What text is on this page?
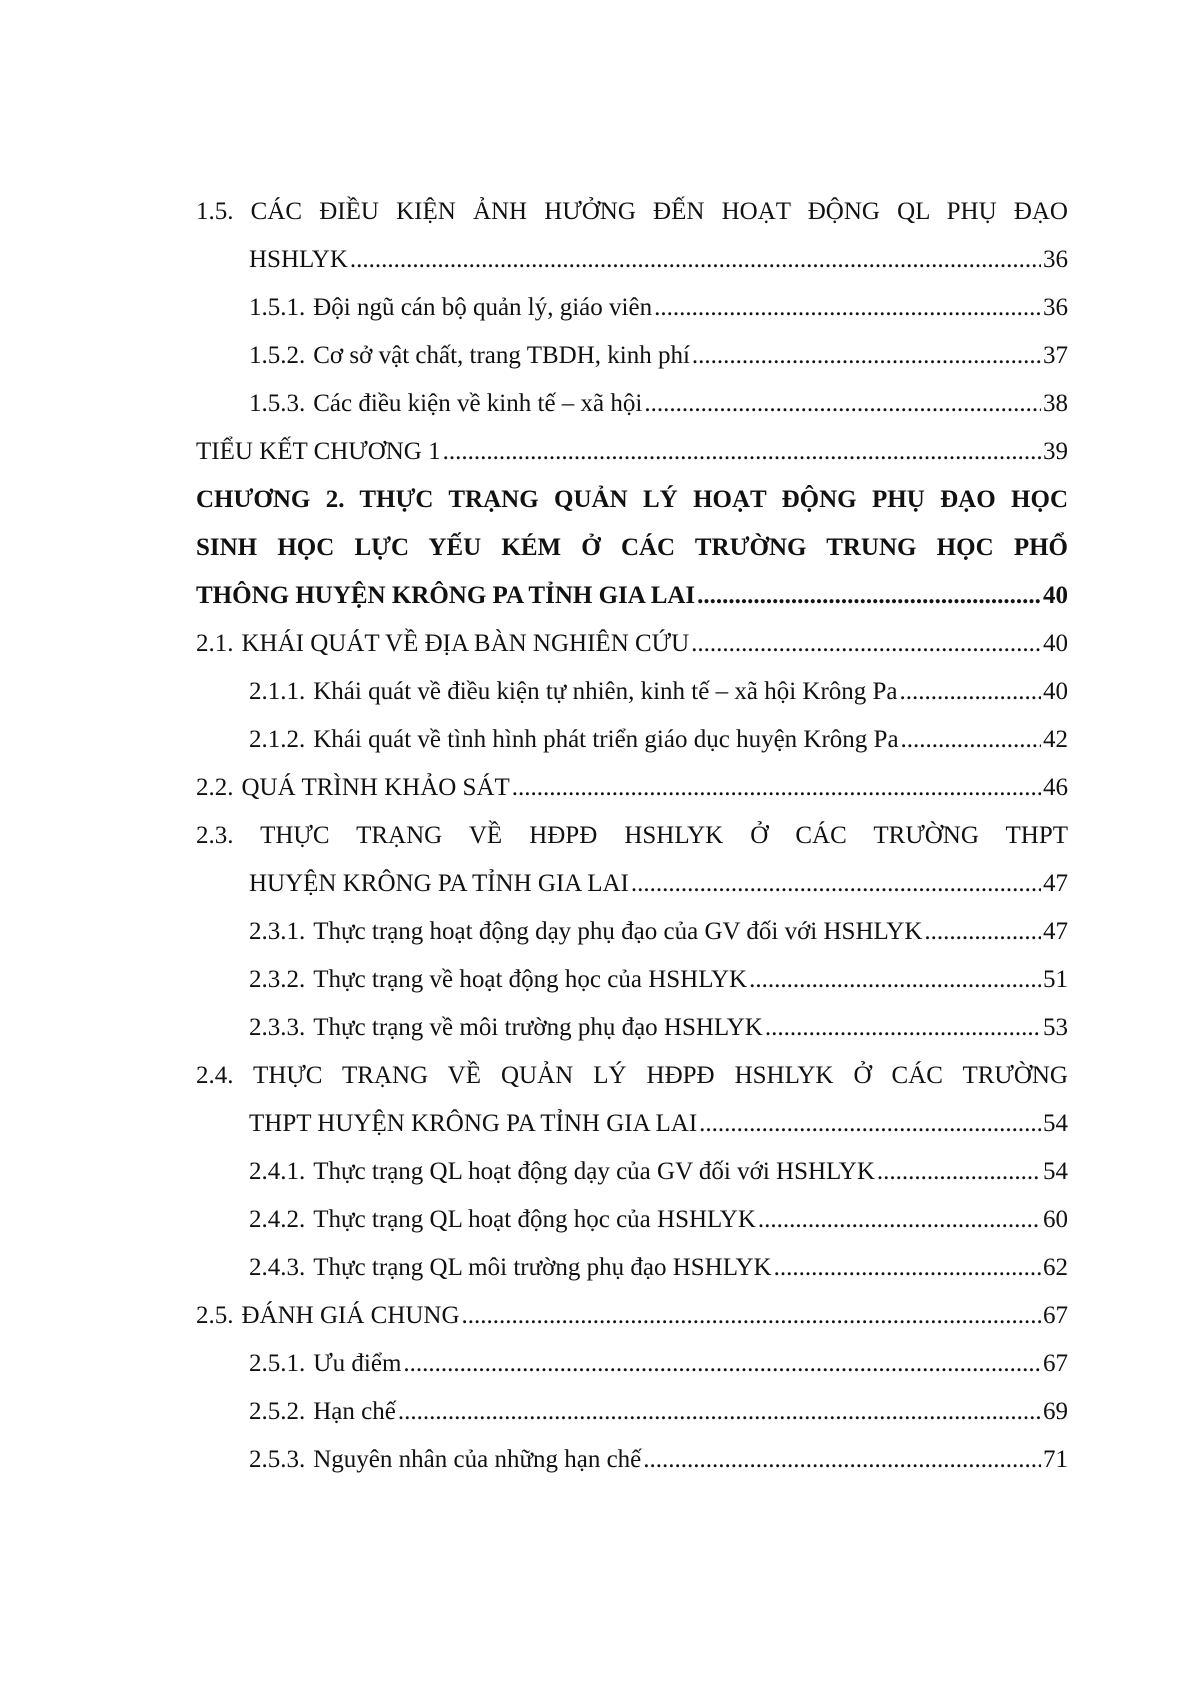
1.5. CÁC ĐIỀU KIỆN ẢNH HƯỞNG ĐẾN HOẠT ĐỘNG QL PHỤ ĐẠO
HSHLYK .....	36
1.5.1. Đội ngũ cán bộ quản lý, giáo viên .....	36
1.5.2. Cơ sở vật chất, trang TBDH, kinh phí .....	37
1.5.3. Các điều kiện về kinh tế – xã hội .....	38
TIỂU KẾT CHƯƠNG 1 .....	39
CHƯƠNG 2. THỰC TRẠNG QUẢN LÝ HOẠT ĐỘNG PHỤ ĐẠO HỌC
SINH HỌC LỰC YẾU KÉM Ở CÁC TRƯỜNG TRUNG HỌC PHỔ
THÔNG HUYỆN KRÔNG PA TỈNH GIA LAI .....	40
2.1. KHÁI QUÁT VỀ ĐỊA BÀN NGHIÊN CỨU .....	40
2.1.1. Khái quát về điều kiện tự nhiên, kinh tế – xã hội Krông Pa .....	40
2.1.2. Khái quát về tình hình phát triển giáo dục huyện Krông Pa .....	42
2.2. QUÁ TRÌNH KHẢO SÁT .....	46
2.3. THỰC TRẠNG VỀ HĐPĐ HSHLYK Ở CÁC TRƯỜNG THPT
HUYỆN KRÔNG PA TỈNH GIA LAI .....	47
2.3.1. Thực trạng hoạt động dạy phụ đạo của GV đối với HSHLYK .....	47
2.3.2. Thực trạng về hoạt động học của HSHLYK .....	51
2.3.3. Thực trạng về môi trường phụ đạo HSHLYK .....	53
2.4. THỰC TRẠNG VỀ QUẢN LÝ HĐPĐ HSHLYK Ở CÁC TRƯỜNG
THPT HUYỆN KRÔNG PA TỈNH GIA LAI .....	54
2.4.1. Thực trạng QL hoạt động dạy của GV đối với HSHLYK .....	54
2.4.2. Thực trạng QL hoạt động học của HSHLYK .....	60
2.4.3. Thực trạng QL môi trường phụ đạo HSHLYK .....	62
2.5. ĐÁNH GIÁ CHUNG .....	67
2.5.1. Ưu điểm .....	67
2.5.2. Hạn chế .....	69
2.5.3. Nguyên nhân của những hạn chế .....	71
